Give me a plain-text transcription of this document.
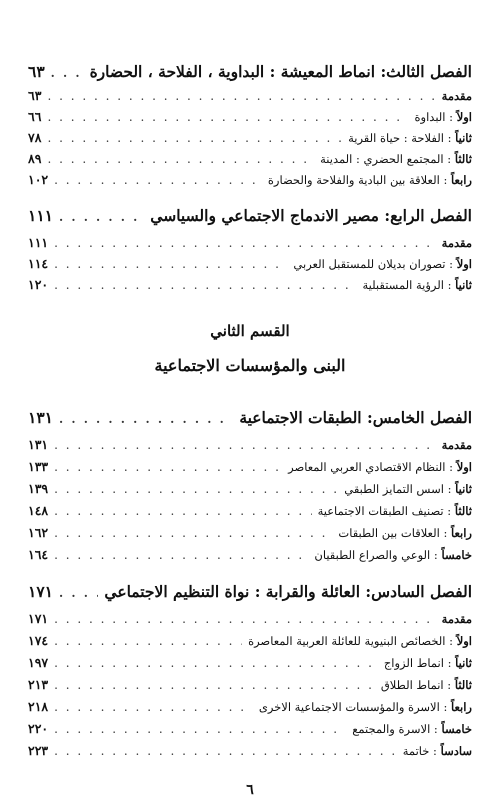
الفصل الثالث: انماط المعيشة : البداوية ، الفلاحة ، الحضارة
. . .
٦٣
مقدمة
. . .
٦٣
اولاً : البداوة
. . .
٦٦
ثانياً : الفلاحة : حياة القرية
. . .
٧٨
ثالثاً : المجتمع الحضري : المدينة
. . .
٨٩
رابعاً : العلاقة بين البادية والفلاحة والحضارة
. . .
١٠٢
الفصل الرابع: مصير الاندماج الاجتماعي والسياسي
. . .
١١١
مقدمة
. . .
١١١
اولاً : تصوران بديلان للمستقبل العربي
. . .
١١٤
ثانياً : الرؤية المستقبلية
. . .
١٢٠
القسم الثاني
البنى والمؤسسات الاجتماعية
الفصل الخامس: الطبقات الاجتماعية
. . .
١٣١
مقدمة
. . .
١٣١
اولاً : النظام الاقتصادي العربي المعاصر
. . .
١٣٣
ثانياً : اسس التمايز الطبقي
. . .
١٣٩
ثالثاً : تصنيف الطبقات الاجتماعية
. . .
١٤٨
رابعاً : العلاقات بين الطبقات
. . .
١٦٢
خامساً : الوعي والصراع الطبقيان
. . .
١٦٤
الفصل السادس: العائلة والقرابة : نواة التنظيم الاجتماعي
. . .
١٧١
مقدمة
. . .
١٧١
اولاً : الخصائص البنيوية للعائلة العربية المعاصرة
. . .
١٧٤
ثانياً : انماط الزواج
. . .
١٩٧
ثالثاً : انماط الطلاق
. . .
٢١٣
رابعاً : الاسرة والمؤسسات الاجتماعية الاخرى
. . .
٢١٨
خامساً : الاسرة والمجتمع
. . .
٢٢٠
سادساً : خاتمة
. . .
٢٢٣
٦
